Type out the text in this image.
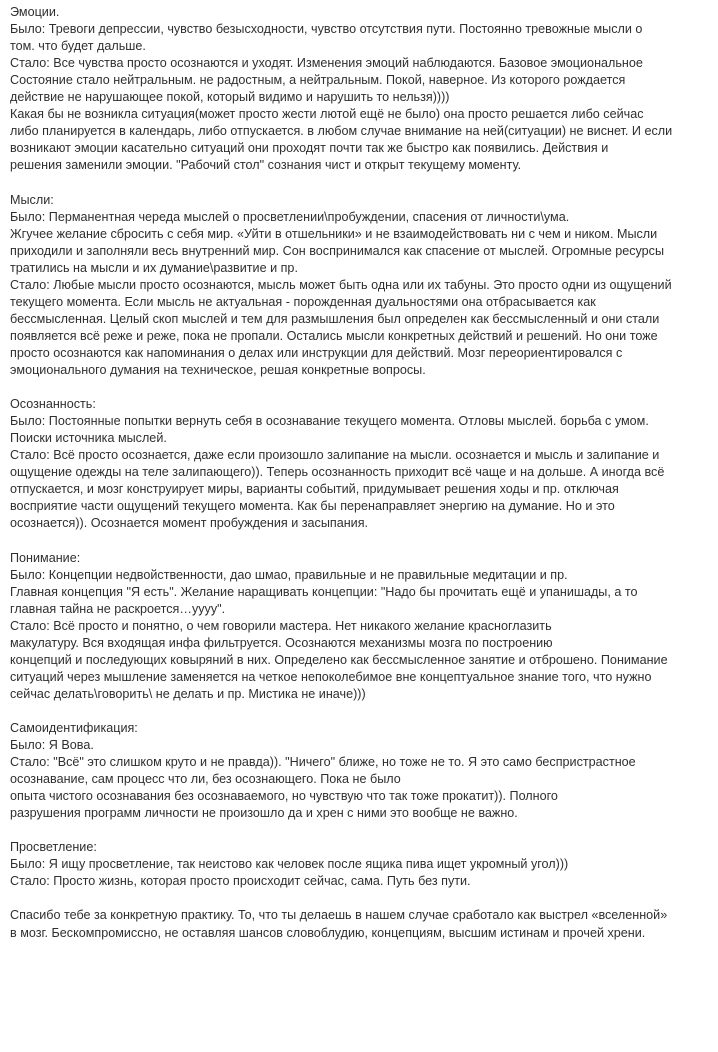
Эмоции.
Было: Тревоги депрессии, чувство безысходности, чувство отсутствия пути. Постоянно тревожные мысли о
том. что будет дальше.
Стало: Все чувства просто осознаются и уходят. Изменения эмоций наблюдаются. Базовое эмоциональное
Состояние стало нейтральным. не радостным, а нейтральным. Покой, наверное. Из которого рождается
действие не нарушающее покой, который видимо и нарушить то нельзя))))
Какая бы не возникла ситуация(может просто жести лютой ещё не было) она просто решается либо сейчас
либо планируется в календарь, либо отпускается. в любом случае внимание на ней(ситуации) не виснет. И если
возникают эмоции касательно ситуаций они проходят почти так же быстро как появились. Действия и
решения заменили эмоции. "Рабочий стол" сознания чист и открыт текущему моменту.
Мысли:
Было: Перманентная череда мыслей о просветлении\пробуждении, спасения от личности\ума.
Жгучее желание сбросить с себя мир. «Уйти в отшельники» и не взаимодействовать ни с чем и ником. Мысли
приходили и заполняли весь внутренний мир. Сон воспринимался как спасение от мыслей. Огромные ресурсы
тратились на мысли и их думание\развитие и пр.
Стало: Любые мысли просто осознаются, мысль может быть одна или их табуны. Это просто одни из ощущений
текущего момента. Если мысль не актуальная - порожденная дуальностями она отбрасывается как
бессмысленная. Целый скоп мыслей и тем для размышления был определен как бессмысленный и они стали
появляется всё реже и реже, пока не пропали. Остались мысли конкретных действий и решений. Но они тоже
просто осознаются как напоминания о делах или инструкции для действий. Мозг переориентировался с
эмоционального думания на техническое, решая конкретные вопросы.
Осознанность:
Было: Постоянные попытки вернуть себя в осознавание текущего момента. Отловы мыслей. борьба с умом.
Поиски источника мыслей.
Стало: Всё просто осознается, даже если произошло залипание на мысли. осознается и мысль и залипание и
ощущение одежды на теле залипающего)). Теперь осознанность приходит всё чаще и на дольше. А иногда всё
отпускается, и мозг конструирует миры, варианты событий, придумывает решения ходы и пр. отключая
восприятие части ощущений текущего момента. Как бы перенаправляет энергию на думание. Но и это
осознается)). Осознается момент пробуждения и засыпания.
Понимание:
Было: Концепции недвойственности, дао шмао, правильные и не правильные медитации и пр.
Главная концепция "Я есть". Желание наращивать концепции: "Надо бы прочитать ещё и упанишады, а то
главная тайна не раскроется…уууу".
Стало: Всё просто и понятно, о чем говорили мастера. Нет никакого желание красноглазить
макулатуру. Вся входящая инфа фильтруется. Осознаются механизмы мозга по построению
концепций и последующих ковыряний в них. Определено как бессмысленное занятие и отброшено. Понимание
ситуаций через мышление заменяется на четкое непоколебимое вне концептуальное знание того, что нужно
сейчас делать\говорить\ не делать и пр. Мистика не иначе)))
Самоидентификация:
Было: Я Вова.
Стало: "Всё" это слишком круто и не правда)). "Ничего" ближе, но тоже не то. Я это само беспристрастное
осознавание, сам процесс что ли, без осознающего. Пока не было
опыта чистого осознавания без осознаваемого, но чувствую что так тоже прокатит)). Полного
разрушения программ личности не произошло да и хрен с ними это вообще не важно.
Просветление:
Было: Я ищу просветление, так неистово как человек после ящика пива ищет укромный угол)))
Стало: Просто жизнь, которая просто происходит сейчас, сама. Путь без пути.
Спасибо тебе за конкретную практику. То, что ты делаешь в нашем случае сработало как выстрел «вселенной»
в мозг. Бескомпромиссно, не оставляя шансов словоблудию, концепциям, высшим истинам и прочей хрени.
